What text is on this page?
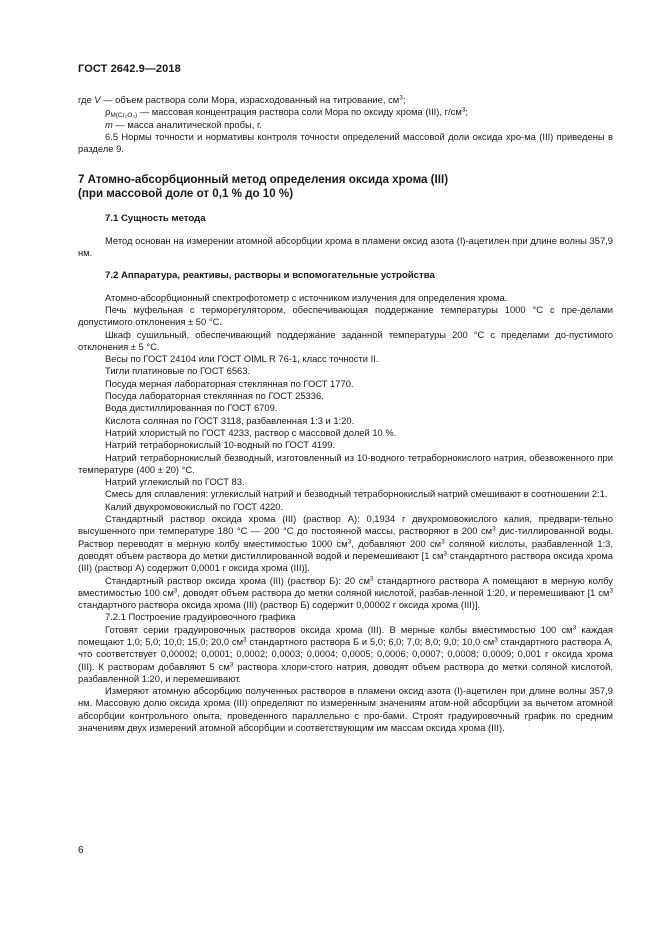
ГОСТ 2642.9—2018

где V — объем раствора соли Мора, израсходованный на титрование, $см^3$;

$\rho_{M(Cr_2O_3)}$ — массовая концентрация раствора соли Мора по оксиду хрома (III), $г/см^3$;

m — масса аналитической пробы, г.

6.5 Нормы точности и нормативы контроля точности определений массовой доли оксида хро-ма (III) приведены в разделе 9.

7 Атомно-абсорбционный метод определения оксида хрома (III)
(при массовой доле от 0,1 % до 10 %)
7.1 Сущность метода

Метод основан на измерении атомной абсорбции хрома в пламени оксид азота (I)-ацетилен при длине волны 357,9 нм.

7.2 Аппаратура, реактивы, растворы и вспомогательные устройства

Атомно-абсорбционный спектрофотометр с источником излучения для определения хрома.

Печь муфельная с терморегулятором, обеспечивающая поддержание температуры 1000 °С с пре-делами допустимого отклонения ± 50 °С.

Шкаф сушильный, обеспечивающий поддержание заданной температуры 200 °С с пределами до-пустимого отклонения ± 5 °С.

Весы по ГОСТ 24104 или ГОСТ OIML R 76-1, класс точности II.

Тигли платиновые по ГОСТ 6563.

Посуда мерная лабораторная стеклянная по ГОСТ 1770.

Посуда лабораторная стеклянная по ГОСТ 25336.

Вода дистиллированная по ГОСТ 6709.

Кислота соляная по ГОСТ 3118, разбавленная 1:3 и 1:20.

Натрий хлористый по ГОСТ 4233, раствор с массовой долей 10 %.

Натрий тетраборнокислый 10-водный по ГОСТ 4199.

Натрий тетраборнокислый безводный, изготовленный из 10-водного тетраборнокислого натрия, обезвоженного при температуре (400 ± 20) °С.

Натрий углекислый по ГОСТ 83.

Смесь для сплавления: углекислый натрий и безводный тетраборнокислый натрий смешивают в соотношении 2:1.

Калий двухромовокислый по ГОСТ 4220.

Стандартный раствор оксида хрома (III) (раствор А): 0,1934 г двухромовокислого калия, предвари-тельно высушенного при температуре 180 °С — 200 °С до постоянной массы, растворяют в 200 $см^3$ дис-тиллированной воды. Раствор переводят в мерную колбу вместимостью 1000 $см^3$, добавляют 200 $см^3$ соляной кислоты, разбавленной 1:3, доводят объем раствора до метки дистиллированной водой и перемешивают [1 $см^3$ стандартного раствора оксида хрома (III) (раствор А) содержит 0,0001 г оксида хрома (III)].

Стандартный раствор оксида хрома (III) (раствор Б): 20 $см^3$ стандартного раствора А помещают в мерную колбу вместимостью 100 $см^3$, доводят объем раствора до метки соляной кислотой, разбав-ленной 1:20, и перемешивают [1 $см^3$ стандартного раствора оксида хрома (III) (раствор Б) содержит 0,00002 г оксида хрома (III)].

7.2.1 Построение градуировочного графика

Готовят серии градуировочных растворов оксида хрома (III). В мерные колбы вместимостью 100 $см^3$ каждая помещают 1,0; 5,0; 10,0; 15,0; 20,0 $см^3$ стандартного раствора Б и 5,0; 6,0; 7,0; 8,0; 9,0; 10,0 $см^3$ стандартного раствора А, что соответствует 0,00002; 0,0001; 0,0002; 0,0003; 0,0004; 0,0005; 0,0006; 0,0007; 0,0008; 0,0009; 0,001 г оксида хрома (III). К растворам добавляют 5 $см^3$ раствора хлори-стого натрия, доводят объем раствора до метки соляной кислотой, разбавленной 1:20, и перемешивают.

Измеряют атомную абсорбцию полученных растворов в пламени оксид азота (I)-ацетилен при длине волны 357,9 нм. Массовую долю оксида хрома (III) определяют по измеренным значениям атом-ной абсорбции за вычетом атомной абсорбции контрольного опыта, проведенного параллельно с про-бами. Строят градуировочный график по средним значениям двух измерений атомной абсорбции и соответствующим им массам оксида хрома (III).

6
